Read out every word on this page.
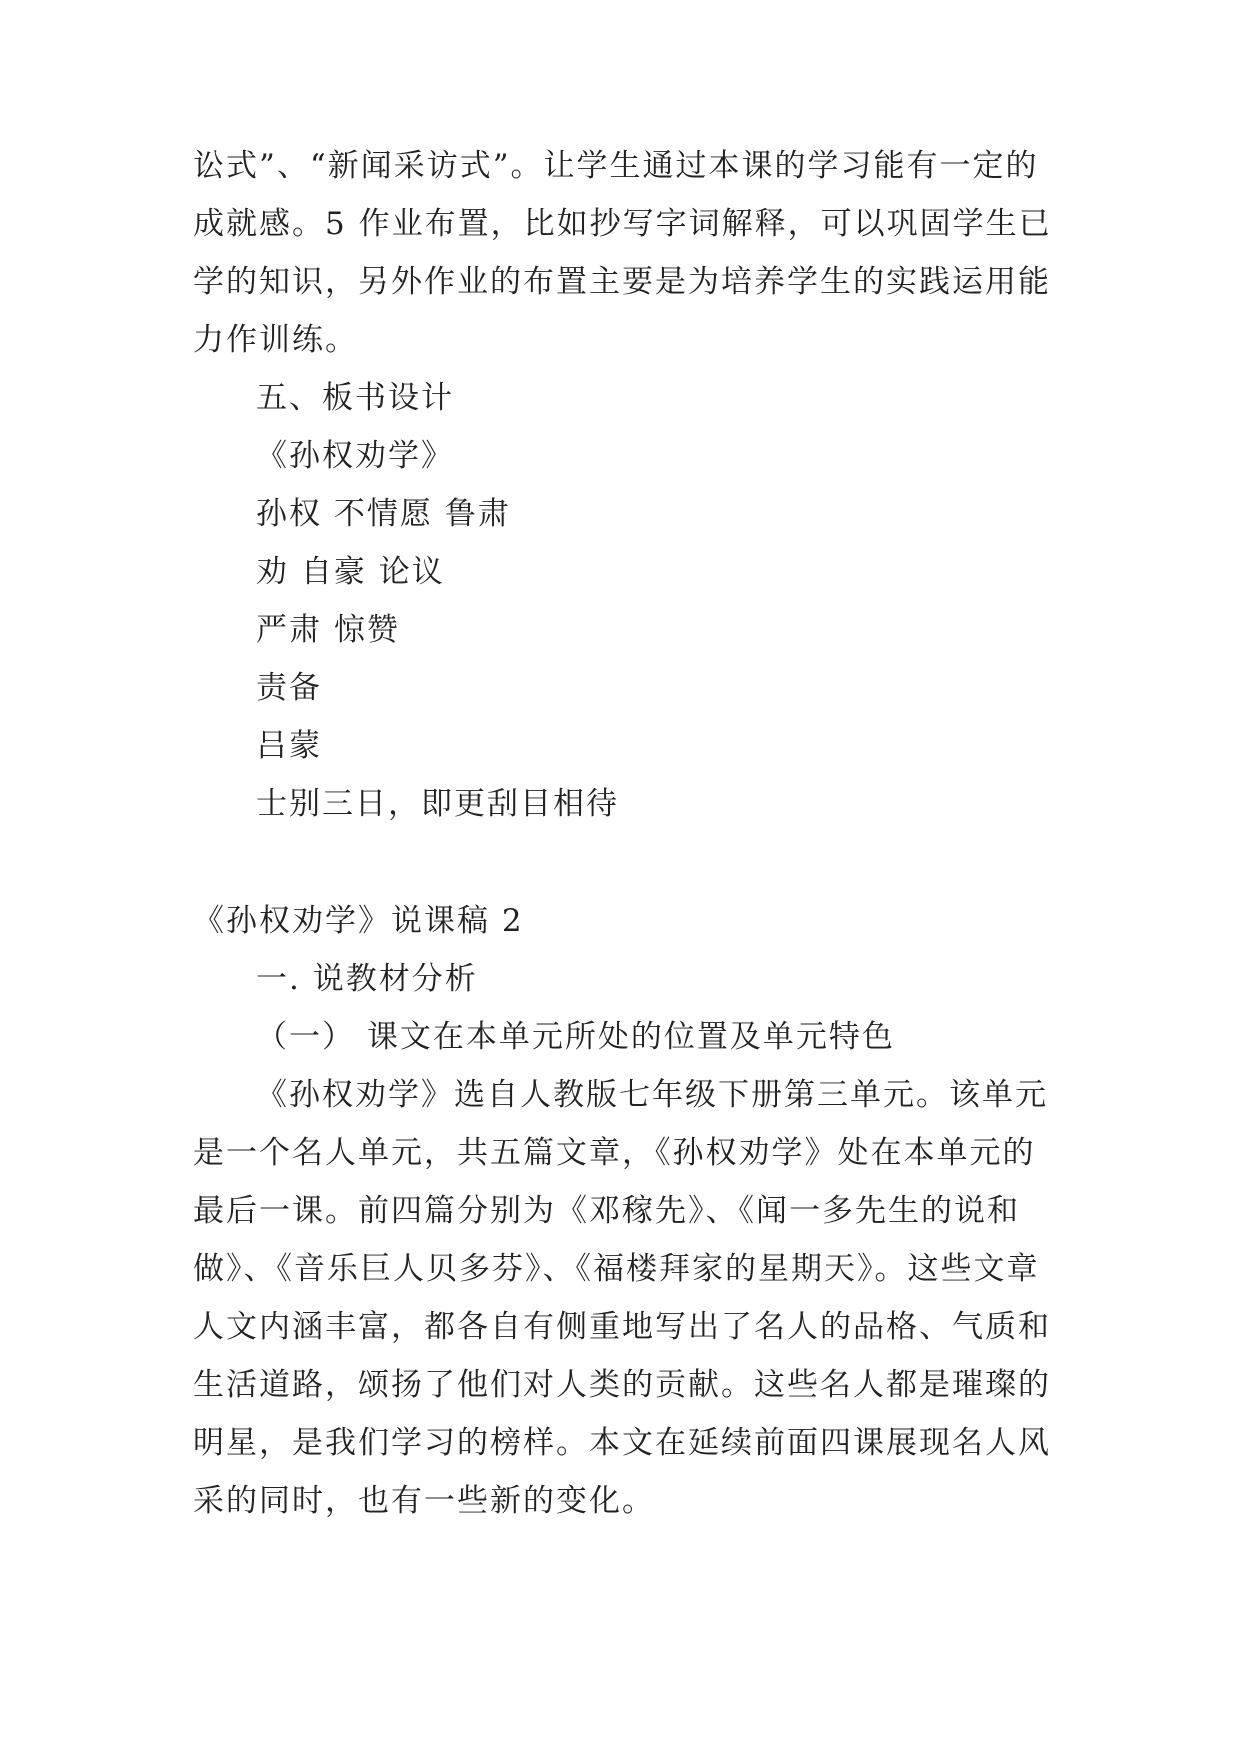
讼式”、“新闻采访式”。让学生通过本课的学习能有一定的
成就感。5 作业布置，比如抄写字词解释，可以巩固学生已
学的知识，另外作业的布置主要是为培养学生的实践运用能
力作训练。
五、板书设计
《孙权劝学》
孙权 不情愿 鲁肃
劝 自豪 论议
严肃 惊赞
责备
吕蒙
士别三日，即更刮目相待
《孙权劝学》说课稿 2
一. 说教材分析
（一） 课文在本单元所处的位置及单元特色
《孙权劝学》选自人教版七年级下册第三单元。该单元
是一个名人单元，共五篇文章，《孙权劝学》处在本单元的
最后一课。前四篇分别为《邓稼先》、《闻一多先生的说和
做》、《音乐巨人贝多芬》、《福楼拜家的星期天》。这些文章
人文内涵丰富，都各自有侧重地写出了名人的品格、气质和
生活道路，颂扬了他们对人类的贡献。这些名人都是璀璨的
明星，是我们学习的榜样。本文在延续前面四课展现名人风
采的同时，也有一些新的变化。
